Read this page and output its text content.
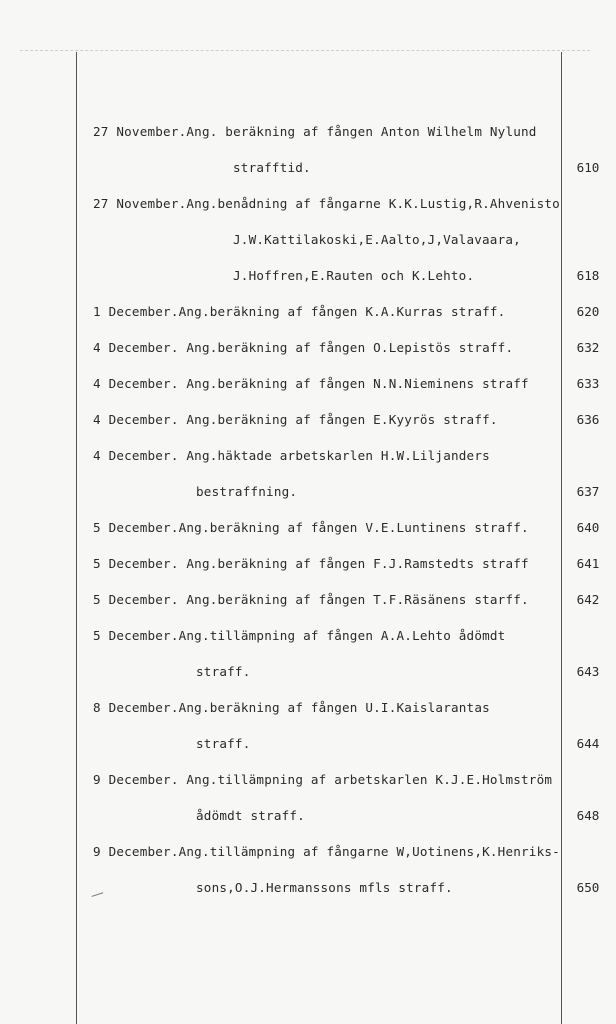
27 November.Ang. beräkning af fången Anton Wilhelm Nylund
strafftid.	610
27 November.Ang.benådning af fångarne K.K.Lustig,R.Ahvenisto
J.W.Kattilakoski,E.Aalto,J,Valavaara,
J.Hoffren,E.Rauten och K.Lehto.	618
1 December.Ang.beräkning af fången K.A.Kurras straff.	620
4 December. Ang.beräkning af fången O.Lepistös straff.	632
4 December. Ang.beräkning af fången N.N.Nieminens straff	633
4 December. Ang.beräkning af fången E.Kyyrös straff.	636
4 December. Ang.häktade arbetskarlen H.W.Liljanders
bestraffning.	637
5 December.Ang.beräkning af fången V.E.Luntinens straff.	640
5 December. Ang.beräkning af fången F.J.Ramstedts straff	641
5 December. Ang.beräkning af fången T.F.Räsänens starff.	642
5 December.Ang.tillämpning af fången A.A.Lehto ådömdt
straff.	643
8 December.Ang.beräkning af fången U.I.Kaislarantas
straff.	644
9 December. Ang.tillämpning af arbetskarlen K.J.E.Holmström
ådömdt straff.	648
9 December.Ang.tillämpning af fångarne W,Uotinens,K.Henriks-
sons,O.J.Hermanssons mfls straff.	650
